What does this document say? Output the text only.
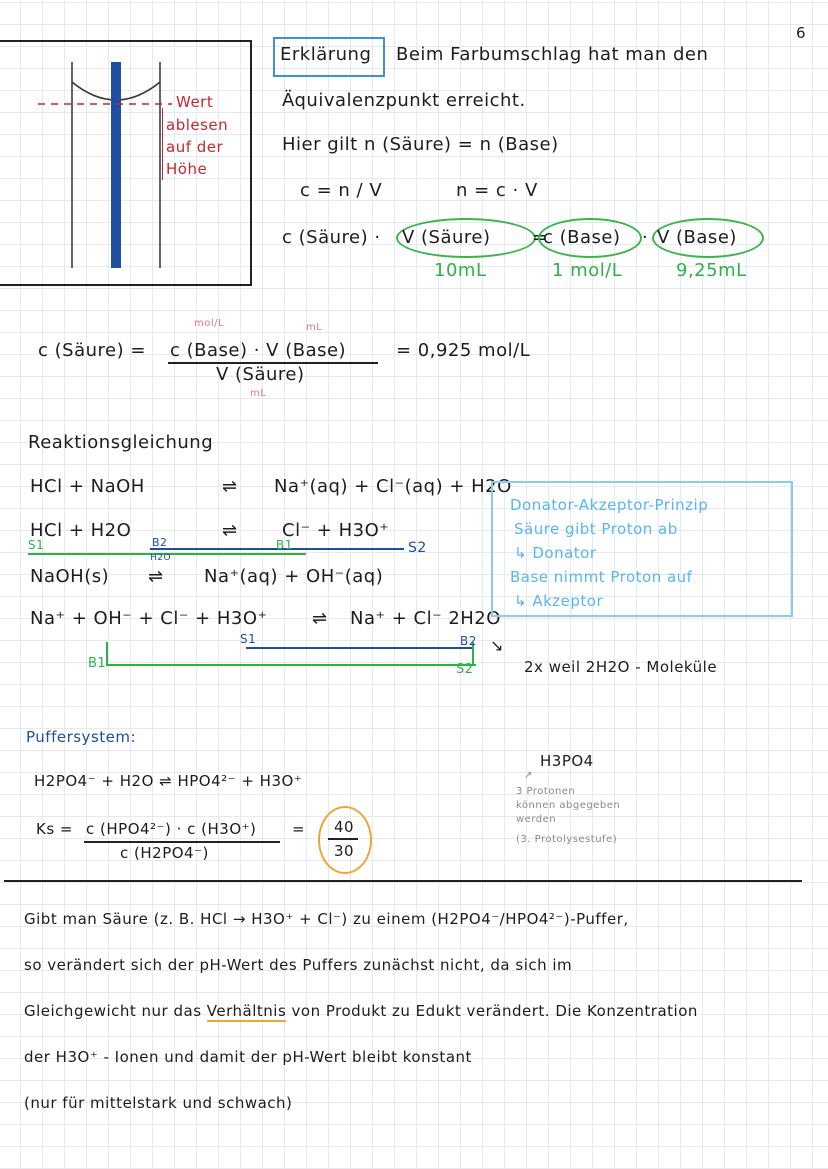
6
Wert
ablesen
auf der
Höhe
Erklärung Beim Farbumschlag hat man den
Äquivalenzpunkt erreicht.
Hier gilt n (Säure) = n (Base)
c = n / V	n = c · V
c (Säure) · V (Säure) =
c (Base) · V (Base)
10mL	1 mol/L	9,25mL
mol/L	mL
c (Säure) = c (Base) · V (Base)
V (Säure)
mL
= 0,925 mol/L
Reaktionsgleichung
HCl + NaOH	⇌ Na⁺(aq) + Cl⁻(aq) + H2O
HCl + H2O	⇌ Cl⁻ + H3O⁺
S1	B2
H2O
B1	S2
NaOH(s) ⇌ Na⁺(aq) + OH⁻(aq)
Na⁺ + OH⁻ + Cl⁻ + H3O⁺ ⇌ Na⁺ + Cl⁻ 2H2O
S1
B1
B2
S2
↘
2x weil 2H2O - Moleküle
Donator-Akzeptor-Prinzip
Säure gibt Proton ab
↳ Donator
Base nimmt Proton auf
↳ Akzeptor
Puffersystem:
H2PO4⁻ + H2O ⇌ HPO4²⁻ + H3O⁺
Ks = c (HPO4²⁻) · c (H3O⁺)
c (H2PO4⁻)
= 40
30
H3PO4
↗
3 Protonen
können abgegeben
werden
(3. Protolysestufe)
Gibt man Säure (z. B. HCl → H3O⁺ + Cl⁻) zu einem (H2PO4⁻/HPO4²⁻)-Puffer,
so verändert sich der pH-Wert des Puffers zunächst nicht, da sich im
Gleichgewicht nur das Verhältnis von Produkt zu Edukt verändert. Die Konzentration
der H3O⁺ - Ionen und damit der pH-Wert bleibt konstant
(nur für mittelstark und schwach)
